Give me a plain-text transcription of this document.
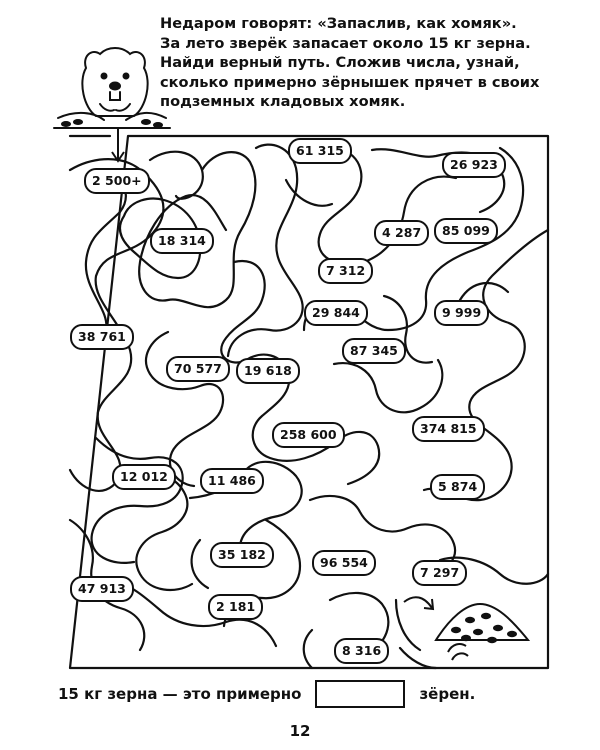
Недаром говорят: «Запаслив, как хомяк».
За лето зверёк запасает около 15 кг зерна.
Найди верный путь. Сложив числа, узнай,
сколько примерно зёрнышек прячет в своих
подземных кладовых хомяк.
2 500+
61 315
26 923
18 314
4 287	85 099
7 312
38 761
29 844	9 999
87 345
70 577	19 618
258 600	374 815
12 012	11 486	5 874
35 182
96 554
7 297
47 913
2 181
8 316
15 кг зерна — это примерно	зёрен.
12
